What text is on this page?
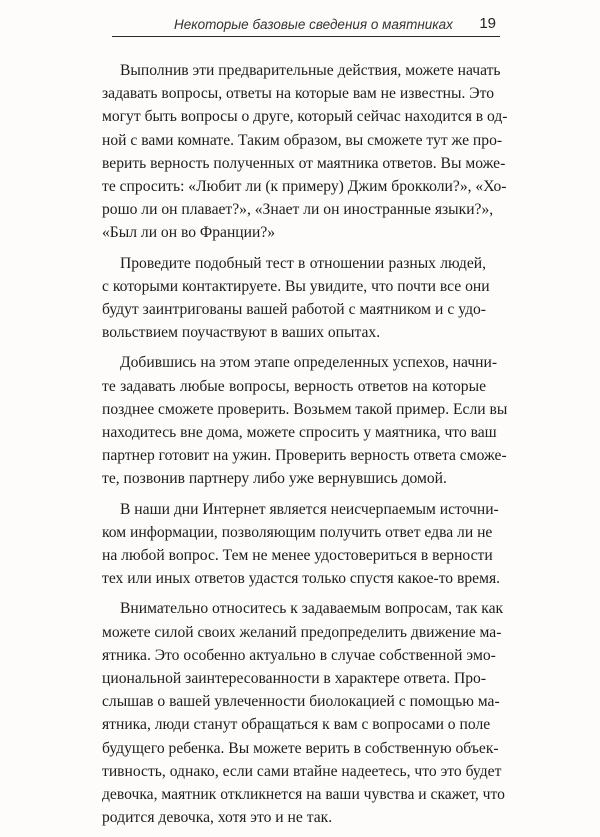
Некоторые базовые сведения о маятниках 19

Выполнив эти предварительные действия, можете начать
задавать вопросы, ответы на которые вам не известны. Это
могут быть вопросы о друге, который сейчас находится в од-
ной с вами комнате. Таким образом, вы сможете тут же про-
верить верность полученных от маятника ответов. Вы може-
те спросить: «Любит ли (к примеру) Джим брокколи?», «Хо-
рошо ли он плавает?», «Знает ли он иностранные языки?»,
«Был ли он во Франции?»

Проведите подобный тест в отношении разных людей,
с которыми контактируете. Вы увидите, что почти все они
будут заинтригованы вашей работой с маятником и с удо-
вольствием поучаствуют в ваших опытах.

Добившись на этом этапе определенных успехов, начни-
те задавать любые вопросы, верность ответов на которые
позднее сможете проверить. Возьмем такой пример. Если вы
находитесь вне дома, можете спросить у маятника, что ваш
партнер готовит на ужин. Проверить верность ответа сможе-
те, позвонив партнеру либо уже вернувшись домой.

В наши дни Интернет является неисчерпаемым источни-
ком информации, позволяющим получить ответ едва ли не
на любой вопрос. Тем не менее удостовериться в верности
тех или иных ответов удастся только спустя какое-то время.

Внимательно относитесь к задаваемым вопросам, так как
можете силой своих желаний предопределить движение ма-
ятника. Это особенно актуально в случае собственной эмо-
циональной заинтересованности в характере ответа. Про-
слышав о вашей увлеченности биолокацией с помощью ма-
ятника, люди станут обращаться к вам с вопросами о поле
будущего ребенка. Вы можете верить в собственную объек-
тивность, однако, если сами втайне надеетесь, что это будет
девочка, маятник откликнется на ваши чувства и скажет, что
родится девочка, хотя это и не так.
